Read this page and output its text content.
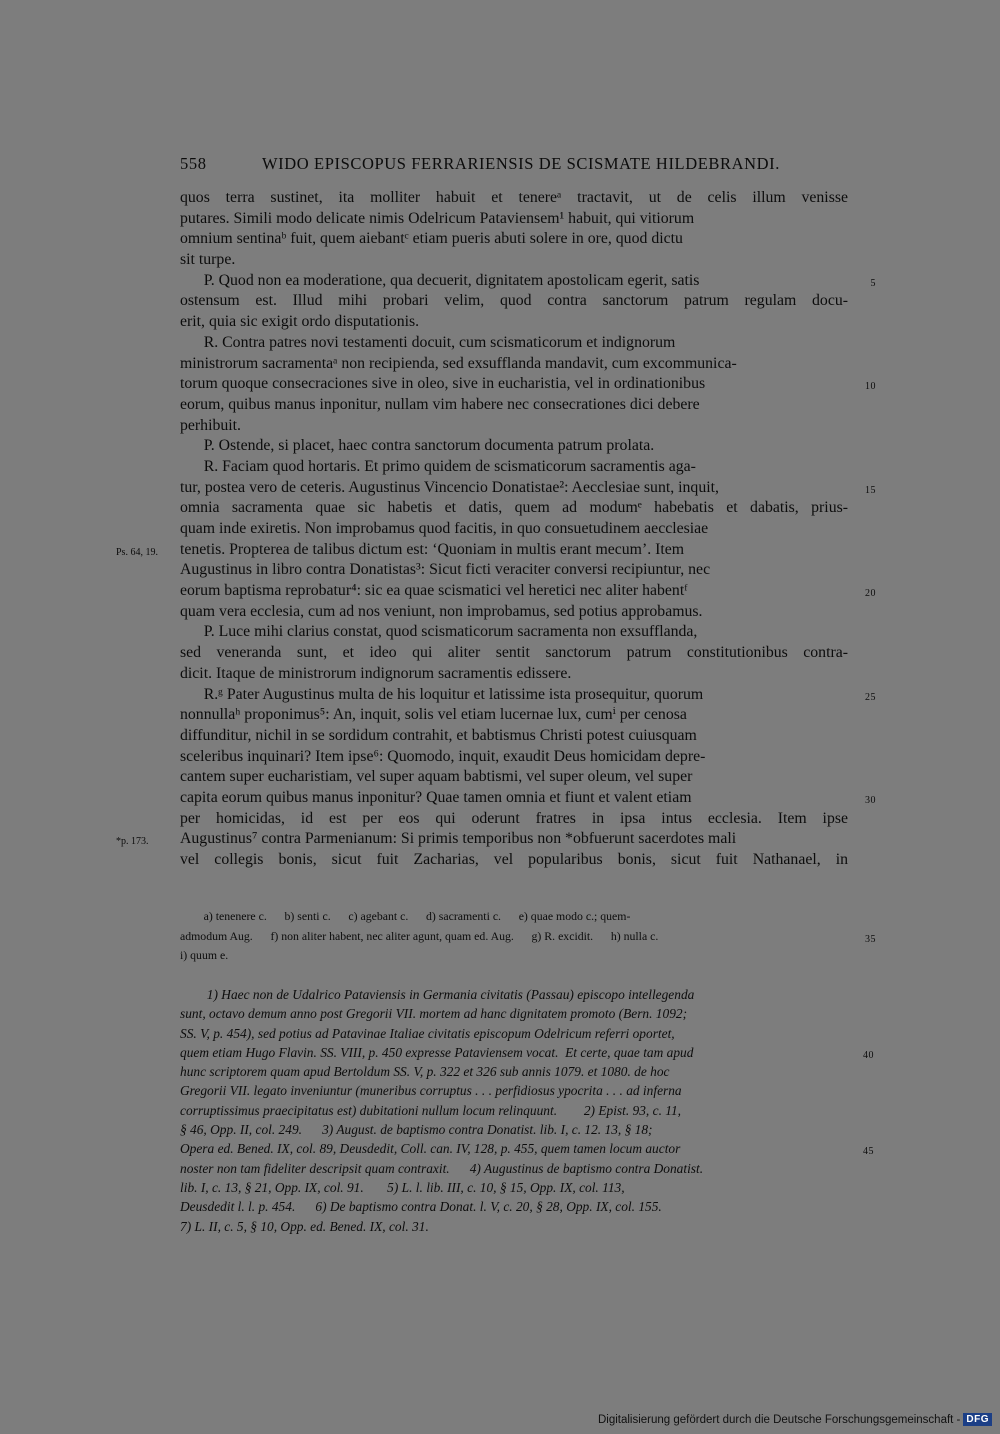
558	WIDO EPISCOPUS FERRARIENSIS DE SCISMATE HILDEBRANDI.
quos terra sustinet, ita molliter habuit et tenereᵃ tractavit, ut de celis illum venisse
putares. Simili modo delicate nimis Odelricum Pataviensem¹ habuit, qui vitiorum
omnium sentinaᵇ fuit, quem aiebantᶜ etiam pueris abuti solere in ore, quod dictu
sit turpe.
P. Quod non ea moderatione, qua decuerit, dignitatem apostolicam egerit, satis	5
ostensum est. Illud mihi probari velim, quod contra sanctorum patrum regulam docu-
erit, quia sic exigit ordo disputationis.
R. Contra patres novi testamenti docuit, cum scismaticorum et indignorum
ministrorum sacramentaᵃ non recipienda, sed exsufflanda mandavit, cum excommunica-
torum quoque consecraciones sive in oleo, sive in eucharistia, vel in ordinationibus	10
eorum, quibus manus inponitur, nullam vim habere nec consecrationes dici debere
perhibuit.
P. Ostende, si placet, haec contra sanctorum documenta patrum prolata.
R. Faciam quod hortaris. Et primo quidem de scismaticorum sacramentis aga-
tur, postea vero de ceteris. Augustinus Vincencio Donatistae²: Aecclesiae sunt, inquit,	15
omnia sacramenta quae sic habetis et datis, quem ad modumᵉ habebatis et dabatis, prius-
quam inde exiretis. Non improbamus quod facitis, in quo consuetudinem aecclesiae
tenetis. Propterea de talibus dictum est: ‘Quoniam in multis erant mecum’. Item
Ps. 64, 19.
Augustinus in libro contra Donatistas³: Sicut ficti veraciter conversi recipiuntur, nec
eorum baptisma reprobatur⁴: sic ea quae scismatici vel heretici nec aliter habentᶠ	20
quam vera ecclesia, cum ad nos veniunt, non improbamus, sed potius approbamus.
P. Luce mihi clarius constat, quod scismaticorum sacramenta non exsufflanda,
sed veneranda sunt, et ideo qui aliter sentit sanctorum patrum constitutionibus contra-
dicit. Itaque de ministrorum indignorum sacramentis edissere.
R.ᵍ Pater Augustinus multa de his loquitur et latissime ista prosequitur, quorum	25
nonnullaʰ proponimus⁵: An, inquit, solis vel etiam lucernae lux, cumⁱ per cenosa
diffunditur, nichil in se sordidum contrahit, et babtismus Christi potest cuiusquam
sceleribus inquinari? Item ipse⁶: Quomodo, inquit, exaudit Deus homicidam depre-
cantem super eucharistiam, vel super aquam babtismi, vel super oleum, vel super
capita eorum quibus manus inponitur? Quae tamen omnia et fiunt et valent etiam	30
per homicidas, id est per eos qui oderunt fratres in ipsa intus ecclesia. Item ipse
Augustinus⁷ contra Parmenianum: Si primis temporibus non *obfuerunt sacerdotes mali
*p. 173.
vel collegis bonis, sicut fuit Zacharias, vel popularibus bonis, sicut fuit Nathanael, in
a) tenenere c.      b) senti c.      c) agebant c.      d) sacramenti c.      e) quae modo c.; quem-
admodum Aug.      f) non aliter habent, nec aliter agunt, quam ed. Aug.      g) R. excidit.      h) nulla c.	35
i) quum e.
1) Haec non de Udalrico Pataviensis in Germania civitatis (Passau) episcopo intellegenda
sunt, octavo demum anno post Gregorii VII. mortem ad hanc dignitatem promoto (Bern. 1092;
SS. V, p. 454), sed potius ad Patavinae Italiae civitatis episcopum Odelricum referri oportet,
quem etiam Hugo Flavin. SS. VIII, p. 450 expresse Pataviensem vocat.  Et certe, quae tam apud	40
hunc scriptorem quam apud Bertoldum SS. V, p. 322 et 326 sub annis 1079. et 1080. de hoc
Gregorii VII. legato inveniuntur (muneribus corruptus . . . perfidiosus ypocrita . . . ad inferna
corruptissimus praecipitatus est) dubitationi nullum locum relinquunt.        2) Epist. 93, c. 11,
§ 46, Opp. II, col. 249.      3) August. de baptismo contra Donatist. lib. I, c. 12. 13, § 18;
Opera ed. Bened. IX, col. 89, Deusdedit, Coll. can. IV, 128, p. 455, quem tamen locum auctor	45
noster non tam fideliter descripsit quam contraxit.      4) Augustinus de baptismo contra Donatist.
lib. I, c. 13, § 21, Opp. IX, col. 91.       5) L. l. lib. III, c. 10, § 15, Opp. IX, col. 113,
Deusdedit l. l. p. 454.      6) De baptismo contra Donat. l. V, c. 20, § 28, Opp. IX, col. 155.
7) L. II, c. 5, § 10, Opp. ed. Bened. IX, col. 31.
Digitalisierung gefördert durch die Deutsche Forschungsgemeinschaft - DFG
